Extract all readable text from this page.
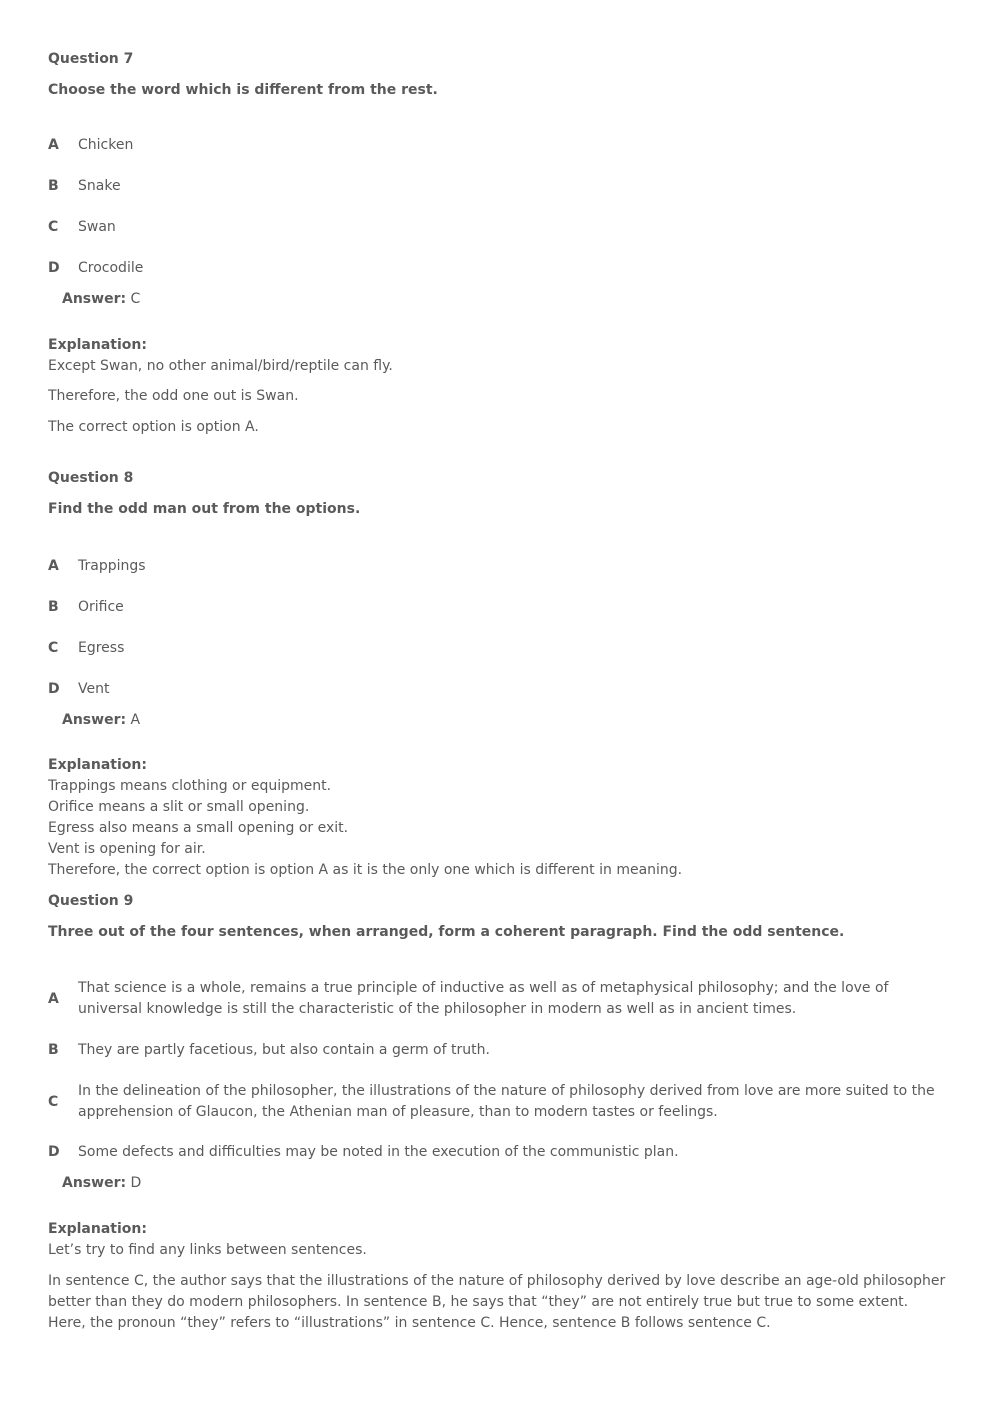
Question 7
Choose the word which is different from the rest.
A	Chicken
B	Snake
C	Swan
D	Crocodile
Answer: C
Explanation:
Except Swan, no other animal/bird/reptile can fly.
Therefore, the odd one out is Swan.
The correct option is option A.
Question 8
Find the odd man out from the options.
A	Trappings
B	Orifice
C	Egress
D	Vent
Answer: A
Explanation:
Trappings means clothing or equipment.
Orifice means a slit or small opening.
Egress also means a small opening or exit.
Vent is opening for air.
Therefore, the correct option is option A as it is the only one which is different in meaning.
Question 9
Three out of the four sentences, when arranged, form a coherent paragraph. Find the odd sentence.
A
That science is a whole, remains a true principle of inductive as well as of metaphysical philosophy; and the love of universal knowledge is still the characteristic of the philosopher in modern as well as in ancient times.
B	They are partly facetious, but also contain a germ of truth.
C
In the delineation of the philosopher, the illustrations of the nature of philosophy derived from love are more suited to the apprehension of Glaucon, the Athenian man of pleasure, than to modern tastes or feelings.
D	Some defects and difficulties may be noted in the execution of the communistic plan.
Answer: D
Explanation:
Let’s try to find any links between sentences.
In sentence C, the author says that the illustrations of the nature of philosophy derived by love describe an age-old philosopher better than they do modern philosophers. In sentence B, he says that “they” are not entirely true but true to some extent. Here, the pronoun “they” refers to “illustrations” in sentence C. Hence, sentence B follows sentence C.
